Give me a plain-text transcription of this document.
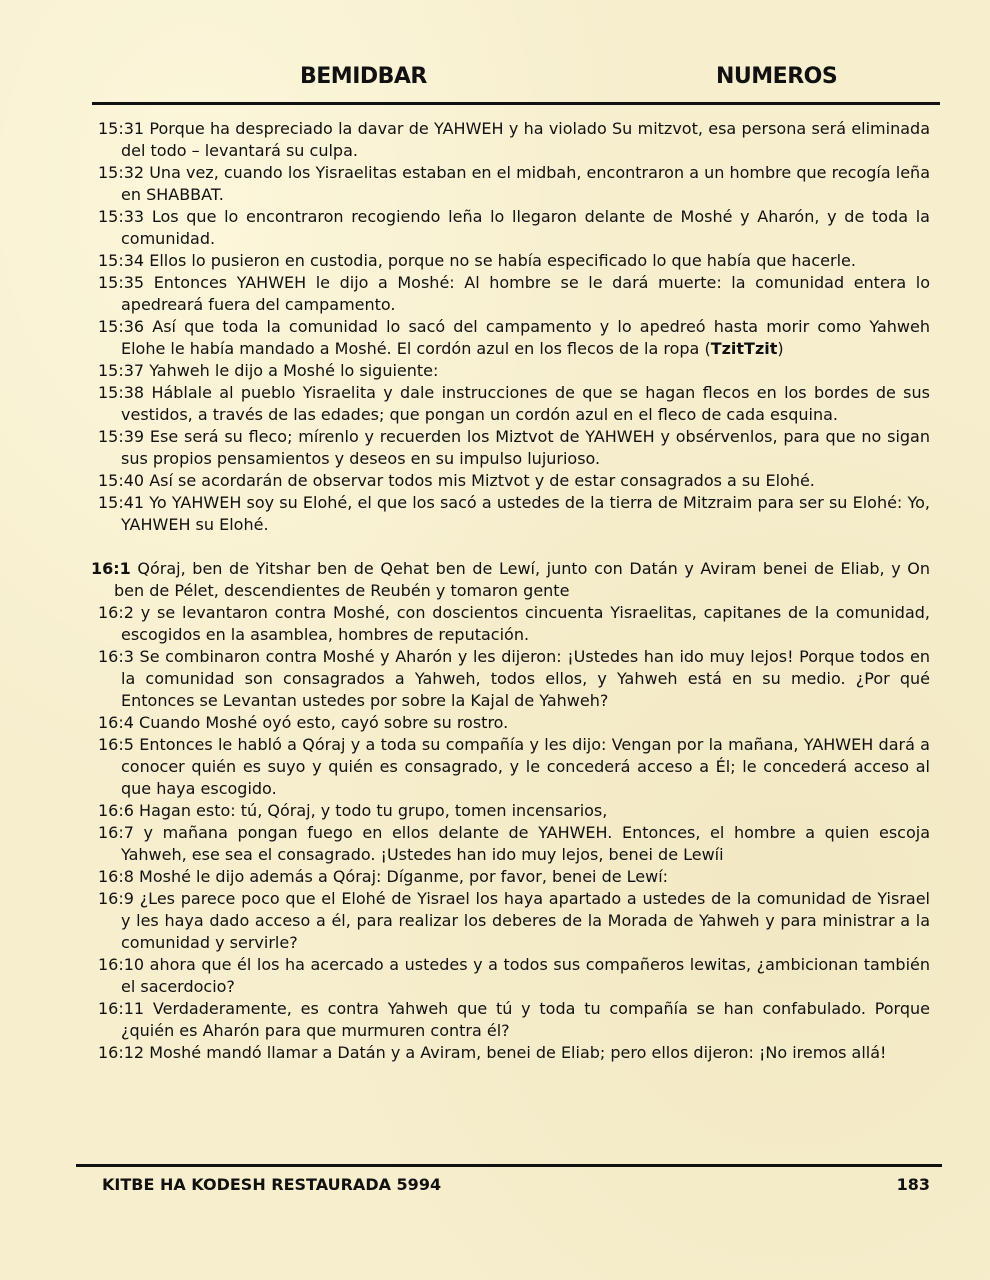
BEMIDBAR	NUMEROS

15:31 Porque ha despreciado la davar de YAHWEH y ha violado Su mitzvot, esa persona será eliminada del todo – levantará su culpa.

15:32 Una vez, cuando los Yisraelitas estaban en el midbah, encontraron a un hombre que recogía leña en SHABBAT.

15:33 Los que lo encontraron recogiendo leña lo llegaron delante de Moshé y Aharón, y de toda la comunidad.

15:34 Ellos lo pusieron en custodia, porque no se había especificado lo que había que hacerle.

15:35 Entonces YAHWEH le dijo a Moshé: Al hombre se le dará muerte: la comunidad entera lo apedreará fuera del campamento.

15:36 Así que toda la comunidad lo sacó del campamento y lo apedreó hasta morir como Yahweh Elohe le había mandado a Moshé. El cordón azul en los flecos de la ropa (TzitTzit)

15:37 Yahweh le dijo a Moshé lo siguiente:

15:38 Háblale al pueblo Yisraelita y dale instrucciones de que se hagan flecos en los bordes de sus vestidos, a través de las edades; que pongan un cordón azul en el fleco de cada esquina.

15:39 Ese será su fleco; mírenlo y recuerden los Miztvot de YAHWEH y obsérvenlos, para que no sigan sus propios pensamientos y deseos en su impulso lujurioso.

15:40 Así se acordarán de observar todos mis Miztvot y de estar consagrados a su Elohé.

15:41 Yo YAHWEH soy su Elohé, el que los sacó a ustedes de la tierra de Mitzraim para ser su Elohé: Yo, YAHWEH su Elohé.

16:1 Qóraj, ben de Yitshar ben de Qehat ben de Lewí, junto con Datán y Aviram benei de Eliab, y On ben de Pélet, descendientes de Reubén y tomaron gente

16:2 y se levantaron contra Moshé, con doscientos cincuenta Yisraelitas, capitanes de la comunidad, escogidos en la asamblea, hombres de reputación.

16:3 Se combinaron contra Moshé y Aharón y les dijeron: ¡Ustedes han ido muy lejos! Porque todos en la comunidad son consagrados a Yahweh, todos ellos, y Yahweh está en su medio. ¿Por qué Entonces se Levantan ustedes por sobre la Kajal de Yahweh?

16:4 Cuando Moshé oyó esto, cayó sobre su rostro.

16:5 Entonces le habló a Qóraj y a toda su compañía y les dijo: Vengan por la mañana, YAHWEH dará a conocer quién es suyo y quién es consagrado, y le concederá acceso a Él; le concederá acceso al que haya escogido.

16:6 Hagan esto: tú, Qóraj, y todo tu grupo, tomen incensarios,

16:7 y mañana pongan fuego en ellos delante de YAHWEH. Entonces, el hombre a quien escoja Yahweh, ese sea el consagrado. ¡Ustedes han ido muy lejos, benei de Lewíi

16:8 Moshé le dijo además a Qóraj: Díganme, por favor, benei de Lewí:

16:9 ¿Les parece poco que el Elohé de Yisrael los haya apartado a ustedes de la comunidad de Yisrael y les haya dado acceso a él, para realizar los deberes de la Morada de Yahweh y para ministrar a la comunidad y servirle?

16:10 ahora que él los ha acercado a ustedes y a todos sus compañeros lewitas, ¿ambicionan también el sacerdocio?

16:11 Verdaderamente, es contra Yahweh que tú y toda tu compañía se han confabulado. Porque ¿quién es Aharón para que murmuren contra él?

16:12 Moshé mandó llamar a Datán y a Aviram, benei de Eliab; pero ellos dijeron: ¡No iremos allá!

KITBE HA KODESH RESTAURADA 5994	183
